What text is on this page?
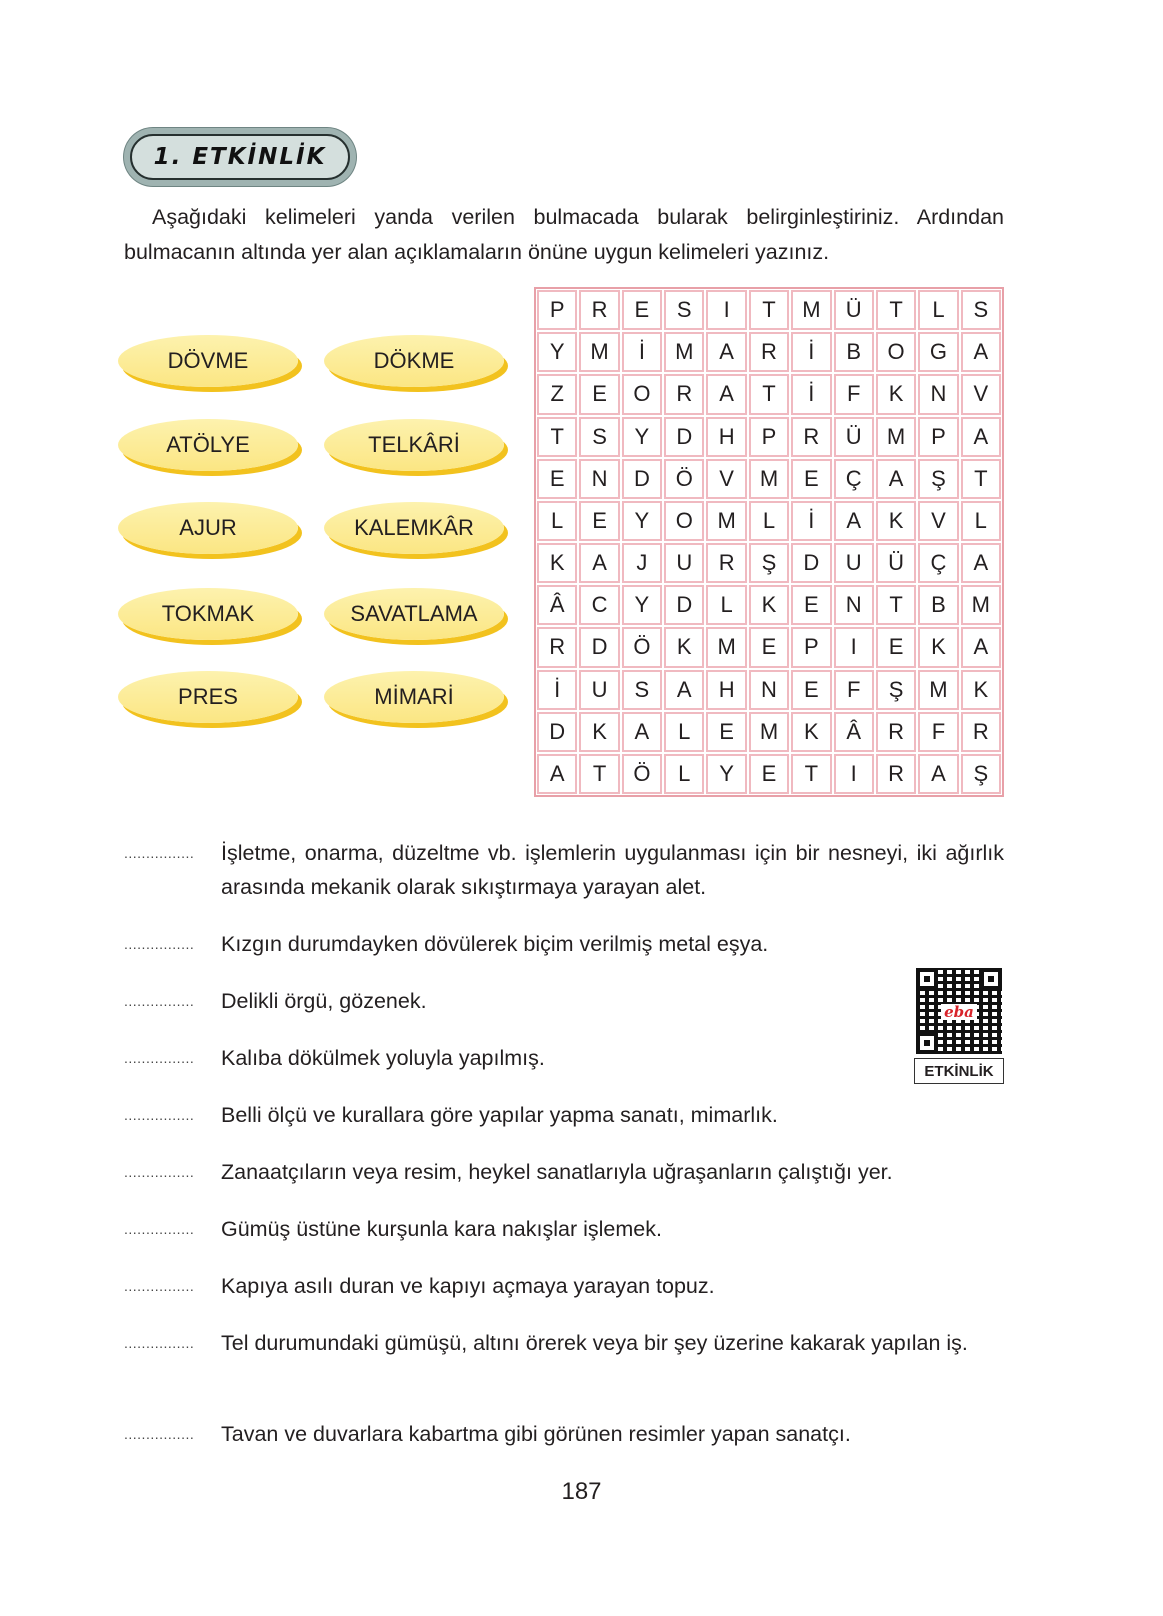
1. ETKİNLİK

Aşağıdaki kelimeleri yanda verilen bulmacada bularak belirginleştiriniz. Ardından bulmacanın altında yer alan açıklamaların önüne uygun kelimeleri yazınız.

DÖVME	DÖKME
ATÖLYE	TELKÂRİ
AJUR	KALEMKÂR
TOKMAK	SAVATLAMA
PRES	MİMARİ
P	R	E	S	I	T	M	Ü	T	L	S
Y	M	İ	M	A	R	İ	B	O	G	A
Z	E	O	R	A	T	İ	F	K	N	V
T	S	Y	D	H	P	R	Ü	M	P	A
E	N	D	Ö	V	M	E	Ç	A	Ş	T
L	E	Y	O	M	L	İ	A	K	V	L
K	A	J	U	R	Ş	D	U	Ü	Ç	A
Â	C	Y	D	L	K	E	N	T	B	M
R	D	Ö	K	M	E	P	I	E	K	A
İ	U	S	A	H	N	E	F	Ş	M	K
D	K	A	L	E	M	K	Â	R	F	R
A	T	Ö	L	Y	E	T	I	R	A	Ş
................	İşletme, onarma, düzeltme vb. işlemlerin uygulanması için bir nesneyi, iki ağırlık arasında mekanik olarak sıkıştırmaya yarayan alet.
................	Kızgın durumdayken dövülerek biçim verilmiş metal eşya.
................	Delikli örgü, gözenek.
................	Kalıba dökülmek yoluyla yapılmış.
................	Belli ölçü ve kurallara göre yapılar yapma sanatı, mimarlık.
................	Zanaatçıların veya resim, heykel sanatlarıyla uğraşanların çalıştığı yer.
................	Gümüş üstüne kurşunla kara nakışlar işlemek.
................	Kapıya asılı duran ve kapıyı açmaya yarayan topuz.
................	Tel durumundaki gümüşü, altını örerek veya bir şey üzerine kakarak yapılan iş.
................	Tavan ve duvarlara kabartma gibi görünen resimler yapan sanatçı.
eba
ETKİNLİK
187
